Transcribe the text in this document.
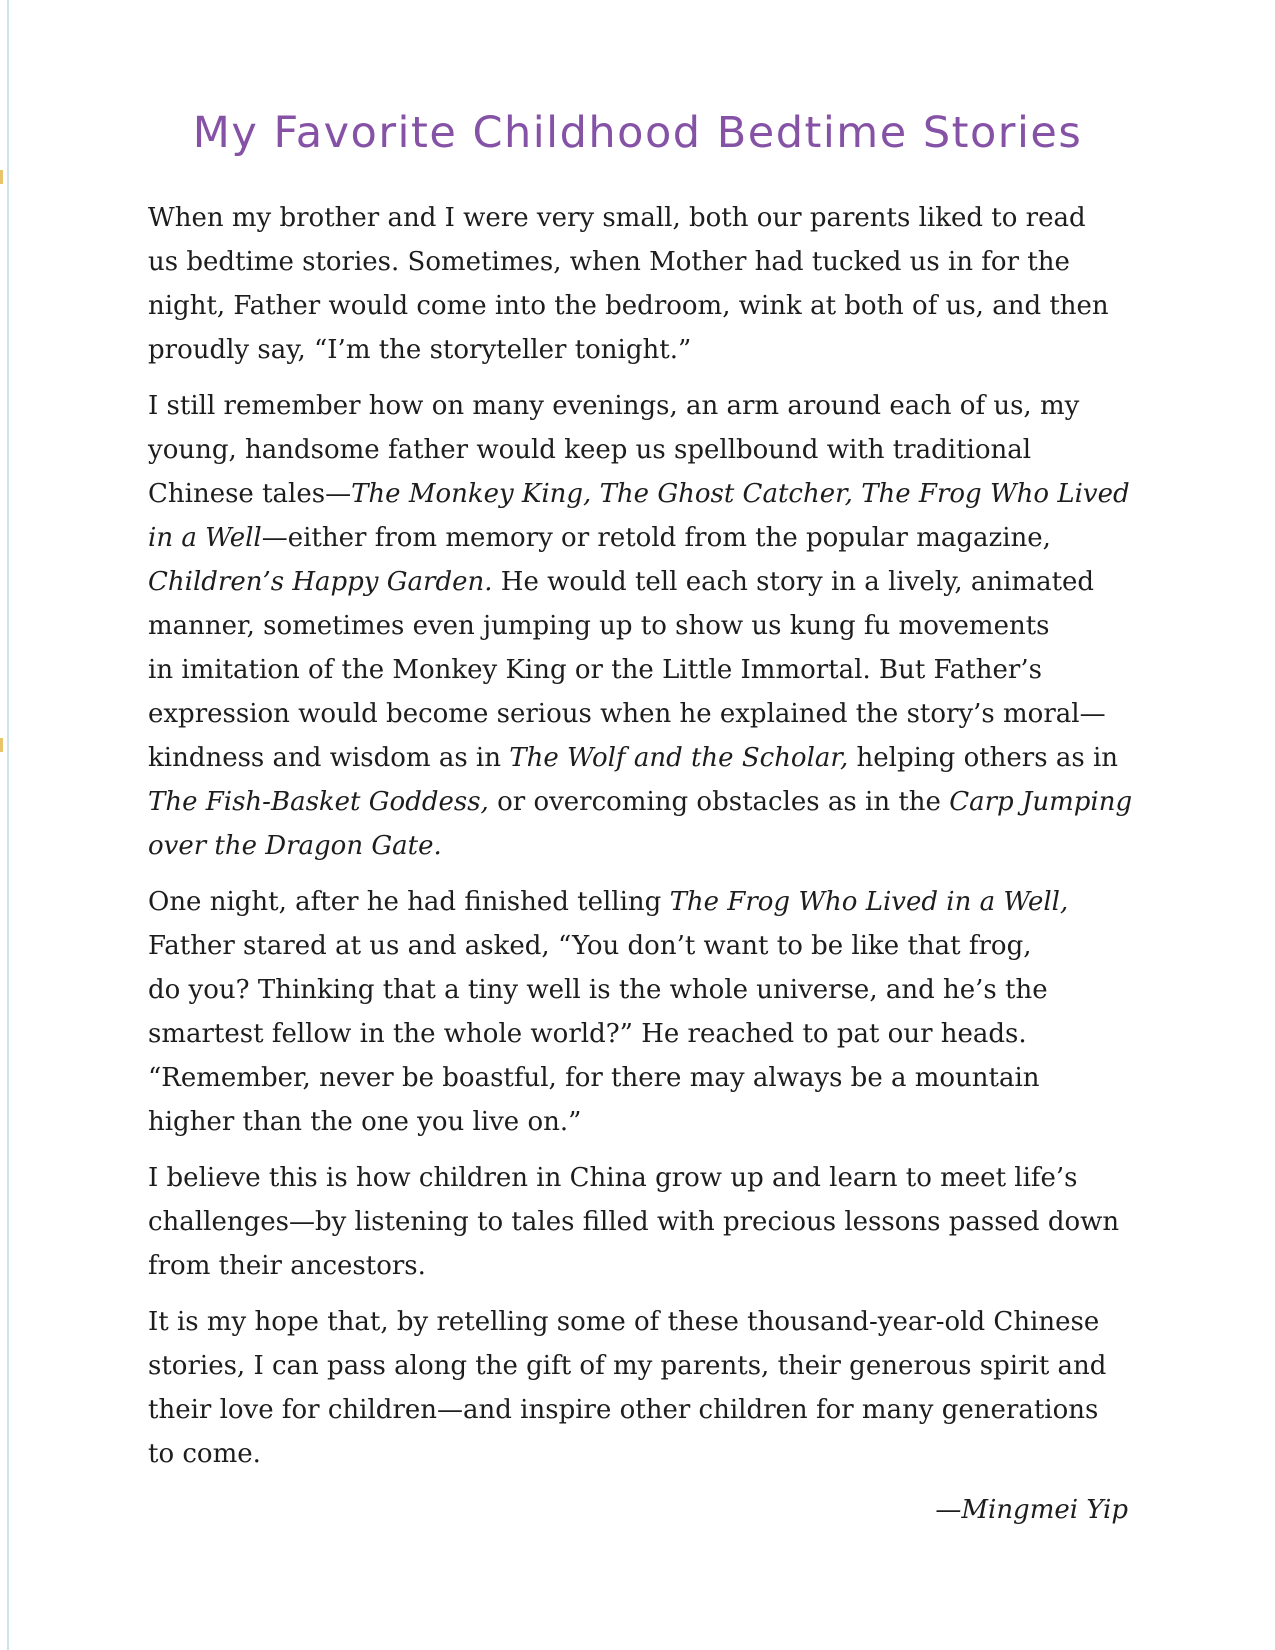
My Favorite Childhood Bedtime Stories

When my brother and I were very small, both our parents liked to read
us bedtime stories. Sometimes, when Mother had tucked us in for the
night, Father would come into the bedroom, wink at both of us, and then
proudly say, “I’m the storyteller tonight.”

I still remember how on many evenings, an arm around each of us, my
young, handsome father would keep us spellbound with traditional
Chinese tales—The Monkey King, The Ghost Catcher, The Frog Who Lived
in a Well—either from memory or retold from the popular magazine,
Children’s Happy Garden. He would tell each story in a lively, animated
manner, sometimes even jumping up to show us kung fu movements
in imitation of the Monkey King or the Little Immortal. But Father’s
expression would become serious when he explained the story’s moral—
kindness and wisdom as in The Wolf and the Scholar, helping others as in
The Fish-Basket Goddess, or overcoming obstacles as in the Carp Jumping
over the Dragon Gate.

One night, after he had finished telling The Frog Who Lived in a Well,
Father stared at us and asked, “You don’t want to be like that frog,
do you? Thinking that a tiny well is the whole universe, and he’s the
smartest fellow in the whole world?” He reached to pat our heads.
“Remember, never be boastful, for there may always be a mountain
higher than the one you live on.”

I believe this is how children in China grow up and learn to meet life’s
challenges—by listening to tales filled with precious lessons passed down
from their ancestors.

It is my hope that, by retelling some of these thousand-year-old Chinese
stories, I can pass along the gift of my parents, their generous spirit and
their love for children—and inspire other children for many generations
to come.

—Mingmei Yip
